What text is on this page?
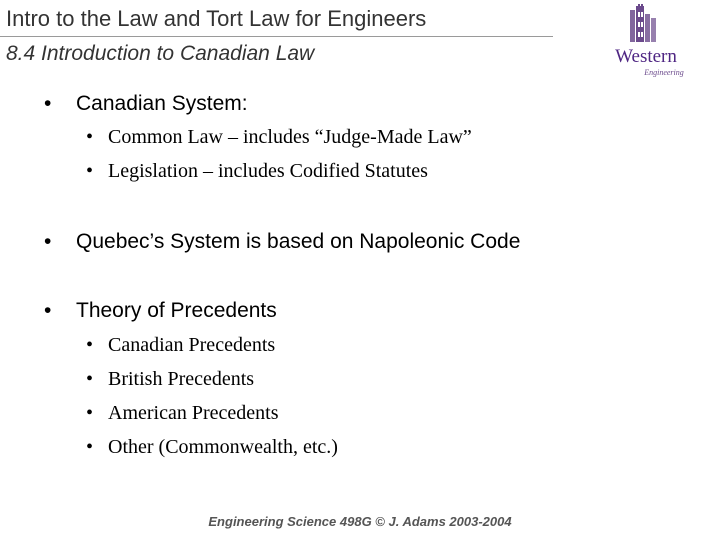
Intro to the Law and Tort Law for Engineers
8.4 Introduction to Canadian Law	Western
Engineering
• Canadian System:
• Common Law – includes “Judge-Made Law”
• Legislation – includes Codified Statutes
• Quebec’s System is based on Napoleonic Code
• Theory of Precedents
• Canadian Precedents
• British Precedents
• American Precedents
• Other (Commonwealth, etc.)
Engineering Science 498G © J. Adams 2003-2004
